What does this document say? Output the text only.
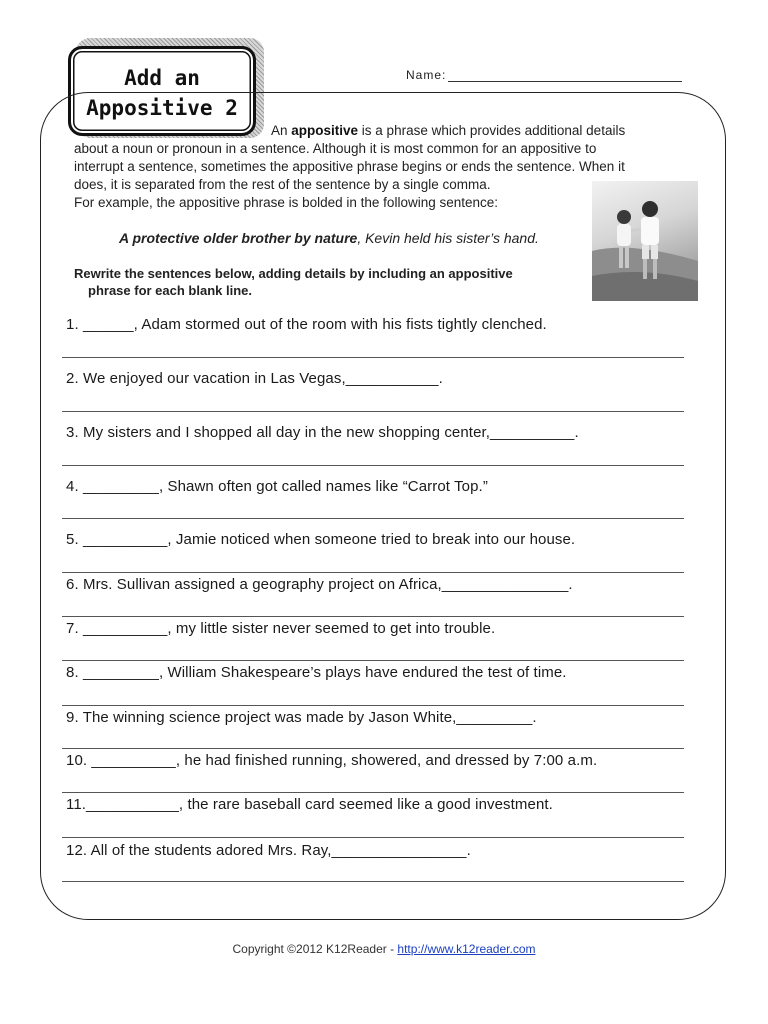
Add an
Appositive 2
Name:

An appositive is a phrase which provides additional details

about a noun or pronoun in a sentence. Although it is most common for an appositive to

interrupt a sentence, sometimes the appositive phrase begins or ends the sentence. When it

does, it is separated from the rest of the sentence by a single comma.

For example, the appositive phrase is bolded in the following sentence:

A protective older brother by nature, Kevin held his sister’s hand.
Rewrite the sentences below, adding details by including an appositive
phrase for each blank line.
1. ______, Adam stormed out of the room with his fists tightly clenched.
2. We enjoyed our vacation in Las Vegas,___________.
3. My sisters and I shopped all day in the new shopping center,__________.
4. _________, Shawn often got called names like “Carrot Top.”
5. __________, Jamie noticed when someone tried to break into our house.
6. Mrs. Sullivan assigned a geography project on Africa,_______________.
7. __________, my little sister never seemed to get into trouble.
8. _________, William Shakespeare’s plays have endured the test of time.
9. The winning science project was made by Jason White,_________.
10. __________, he had finished running, showered, and dressed by 7:00 a.m.
11.___________, the rare baseball card seemed like a good investment.
12. All of the students adored Mrs. Ray,________________.
Copyright ©2012 K12Reader - http://www.k12reader.com
